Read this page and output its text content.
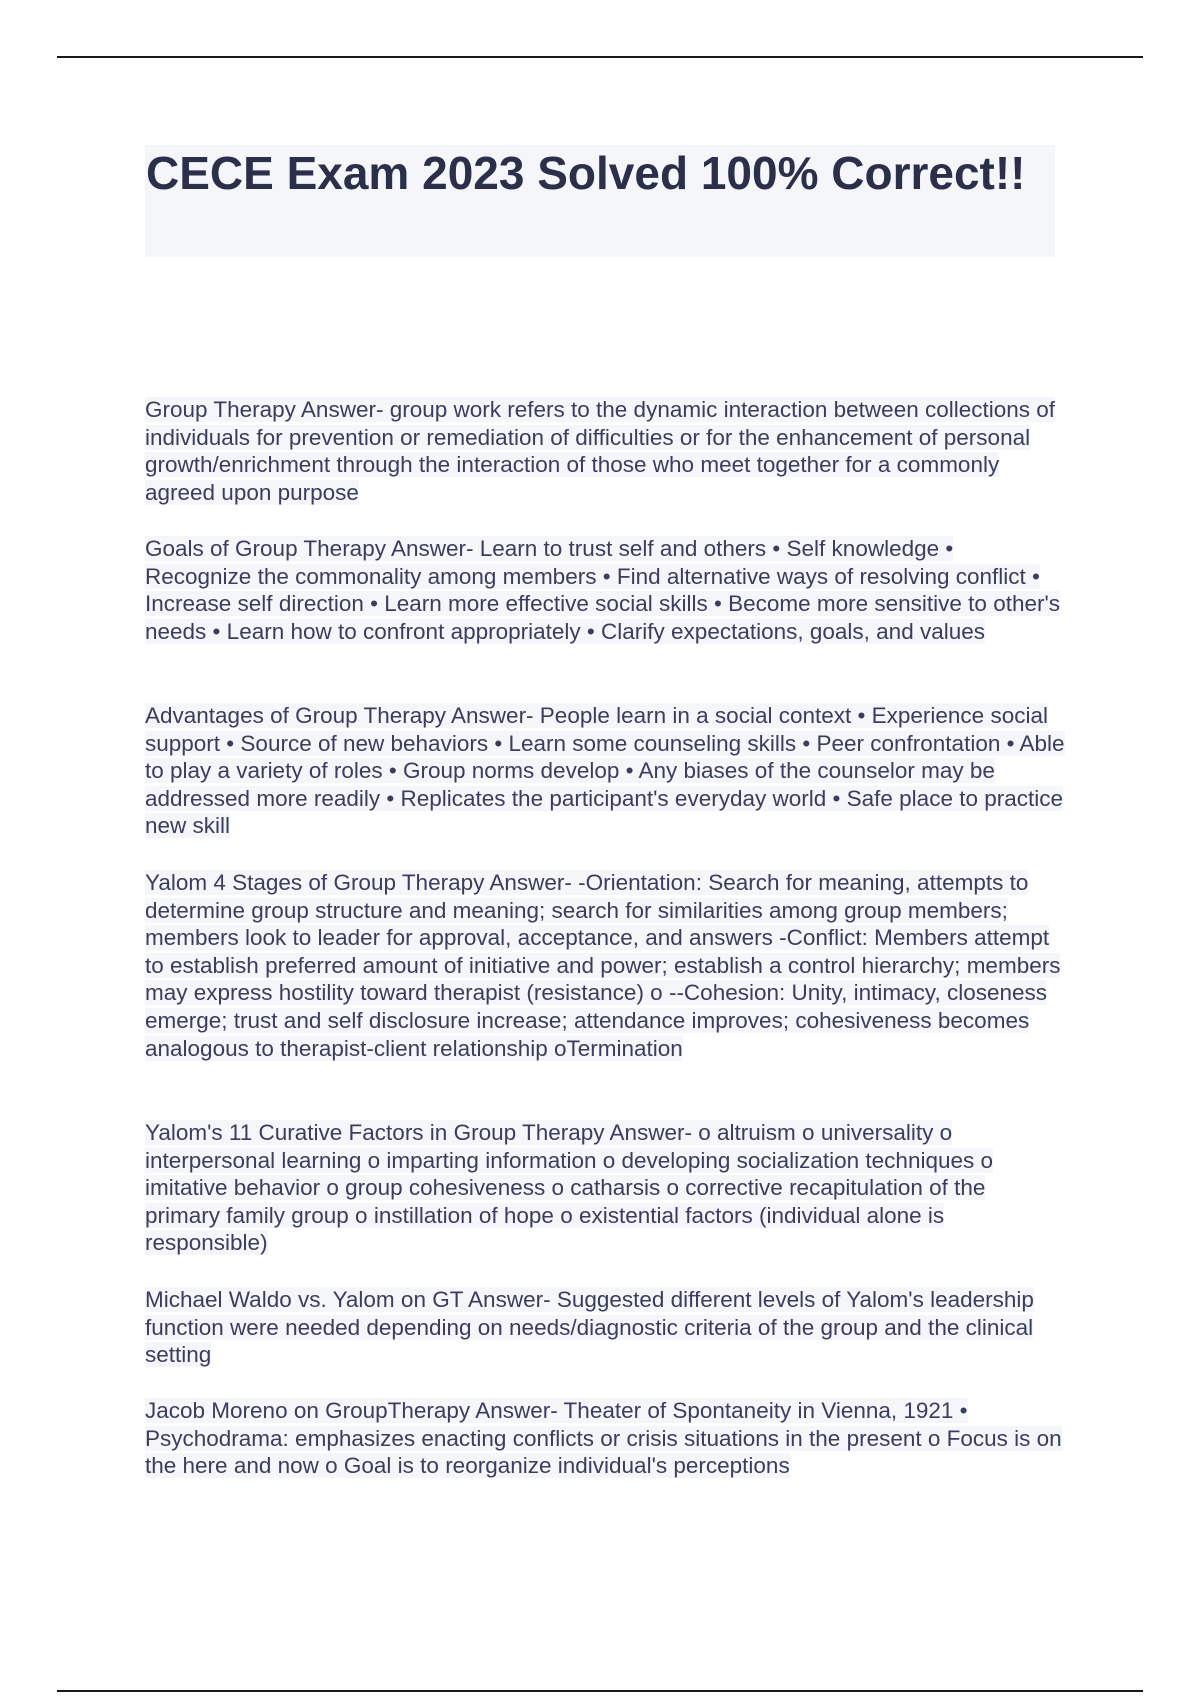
CECE Exam 2023 Solved 100% Correct!!

Group Therapy Answer- group work refers to the dynamic interaction between collections of individuals for prevention or remediation of difficulties or for the enhancement of personal growth/enrichment through the interaction of those who meet together for a commonly agreed upon purpose

Goals of Group Therapy Answer- Learn to trust self and others • Self knowledge • Recognize the commonality among members • Find alternative ways of resolving conflict • Increase self direction • Learn more effective social skills • Become more sensitive to other's needs • Learn how to confront appropriately • Clarify expectations, goals, and values

Advantages of Group Therapy Answer- People learn in a social context • Experience social support • Source of new behaviors • Learn some counseling skills • Peer confrontation • Able to play a variety of roles • Group norms develop • Any biases of the counselor may be addressed more readily • Replicates the participant's everyday world • Safe place to practice new skill

Yalom 4 Stages of Group Therapy Answer- -Orientation: Search for meaning, attempts to determine group structure and meaning; search for similarities among group members; members look to leader for approval, acceptance, and answers -Conflict: Members attempt to establish preferred amount of initiative and power; establish a control hierarchy; members may express hostility toward therapist (resistance) o --Cohesion: Unity, intimacy, closeness emerge; trust and self disclosure increase; attendance improves; cohesiveness becomes analogous to therapist-client relationship oTermination

Yalom's 11 Curative Factors in Group Therapy Answer- o altruism o universality o interpersonal learning o imparting information o developing socialization techniques o imitative behavior o group cohesiveness o catharsis o corrective recapitulation of the primary family group o instillation of hope o existential factors (individual alone is responsible)

Michael Waldo vs. Yalom on GT Answer- Suggested different levels of Yalom's leadership function were needed depending on needs/diagnostic criteria of the group and the clinical setting

Jacob Moreno on GroupTherapy Answer- Theater of Spontaneity in Vienna, 1921 • Psychodrama: emphasizes enacting conflicts or crisis situations in the present o Focus is on the here and now o Goal is to reorganize individual's perceptions
